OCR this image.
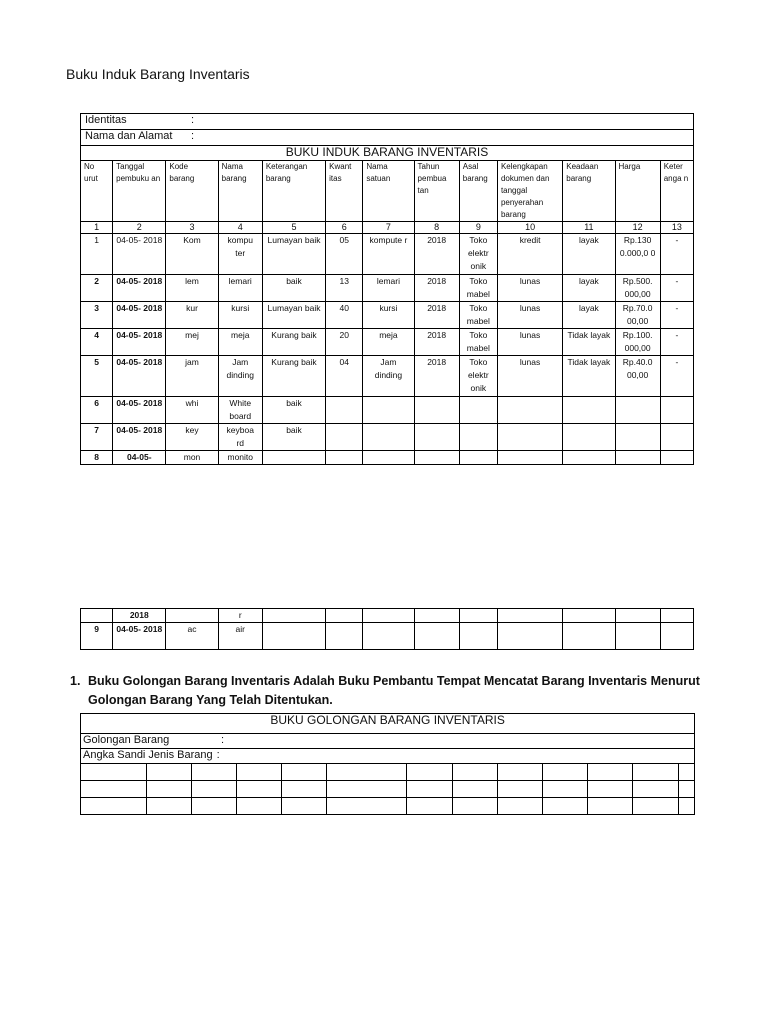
Buku Induk Barang Inventaris
Identitas :												

Nama dan Alamat :												

BUKU INDUK BARANG INVENTARIS												
No urut	Tanggal pembuku an	Kode barang	Nama barang	Keterangan barang	Kwant itas	Nama satuan	Tahun pembua tan	Asal barang	Kelengkapan dokumen dan tanggal penyerahan barang	Keadaan barang	Harga	Keter anga n
1	2	3	4	5	6	7	8	9	10	11	12	13
1	04-05- 2018	Kom	kompu ter	Lumayan baik	05	kompute r	2018	Toko elektr onik	kredit	layak	Rp.130 0.000,0 0	-
2	04-05- 2018	lem	lemari	baik	13	lemari	2018	Toko mabel	lunas	layak	Rp.500. 000,00	-
3	04-05- 2018	kur	kursi	Lumayan baik	40	kursi	2018	Toko mabel	lunas	layak	Rp.70.0 00,00	-
4	04-05- 2018	mej	meja	Kurang baik	20	meja	2018	Toko mabel	lunas	Tidak layak	Rp.100. 000,00	-
5	04-05- 2018	jam	Jam dinding	Kurang baik	04	Jam dinding	2018	Toko elektr onik	lunas	Tidak layak	Rp.40.0 00,00	-
6	04-05- 2018	whi	White board	baik								
7	04-05- 2018	key	keyboa rd	baik								
8	04-05-	mon	monito									
	2018		r									
9	04-05- 2018	ac	air									
1. Buku Golongan Barang Inventaris Adalah Buku Pembantu Tempat Mencatat Barang Inventaris Menurut Golongan Barang Yang Telah Ditentukan.
BUKU GOLONGAN BARANG INVENTARIS												
Golongan Barang :												

Angka Sandi Jenis Barang :												
